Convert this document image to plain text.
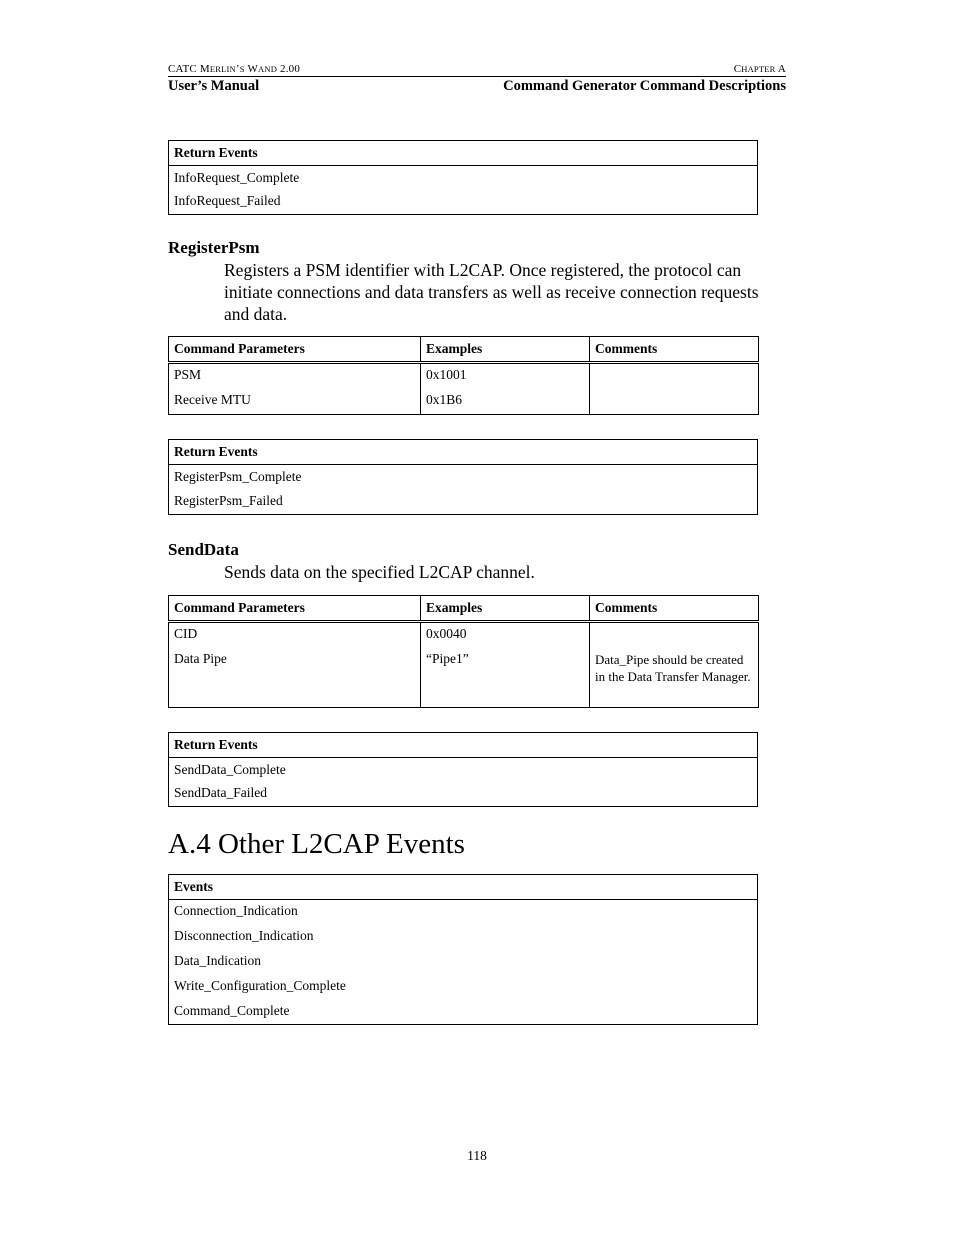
CATC MERLIN’S WAND 2.00	CHAPTER A
User’s Manual	Command Generator Command Descriptions
Return Events
InfoRequest_Complete
InfoRequest_Failed
RegisterPsm
Registers a PSM identifier with L2CAP. Once registered, the protocol can initiate connections and data transfers as well as receive connection requests and data.
Command Parameters	Examples	Comments
PSM	0x1001	
Receive MTU	0x1B6	
Return Events
RegisterPsm_Complete
RegisterPsm_Failed
SendData
Sends data on the specified L2CAP channel.
Command Parameters	Examples	Comments
CID	0x0040	
Data Pipe	“Pipe1”	Data_Pipe should be created in the Data Transfer Manager.
Return Events
SendData_Complete
SendData_Failed
A.4 Other L2CAP Events
Events
Connection_Indication
Disconnection_Indication
Data_Indication
Write_Configuration_Complete
Command_Complete
118
